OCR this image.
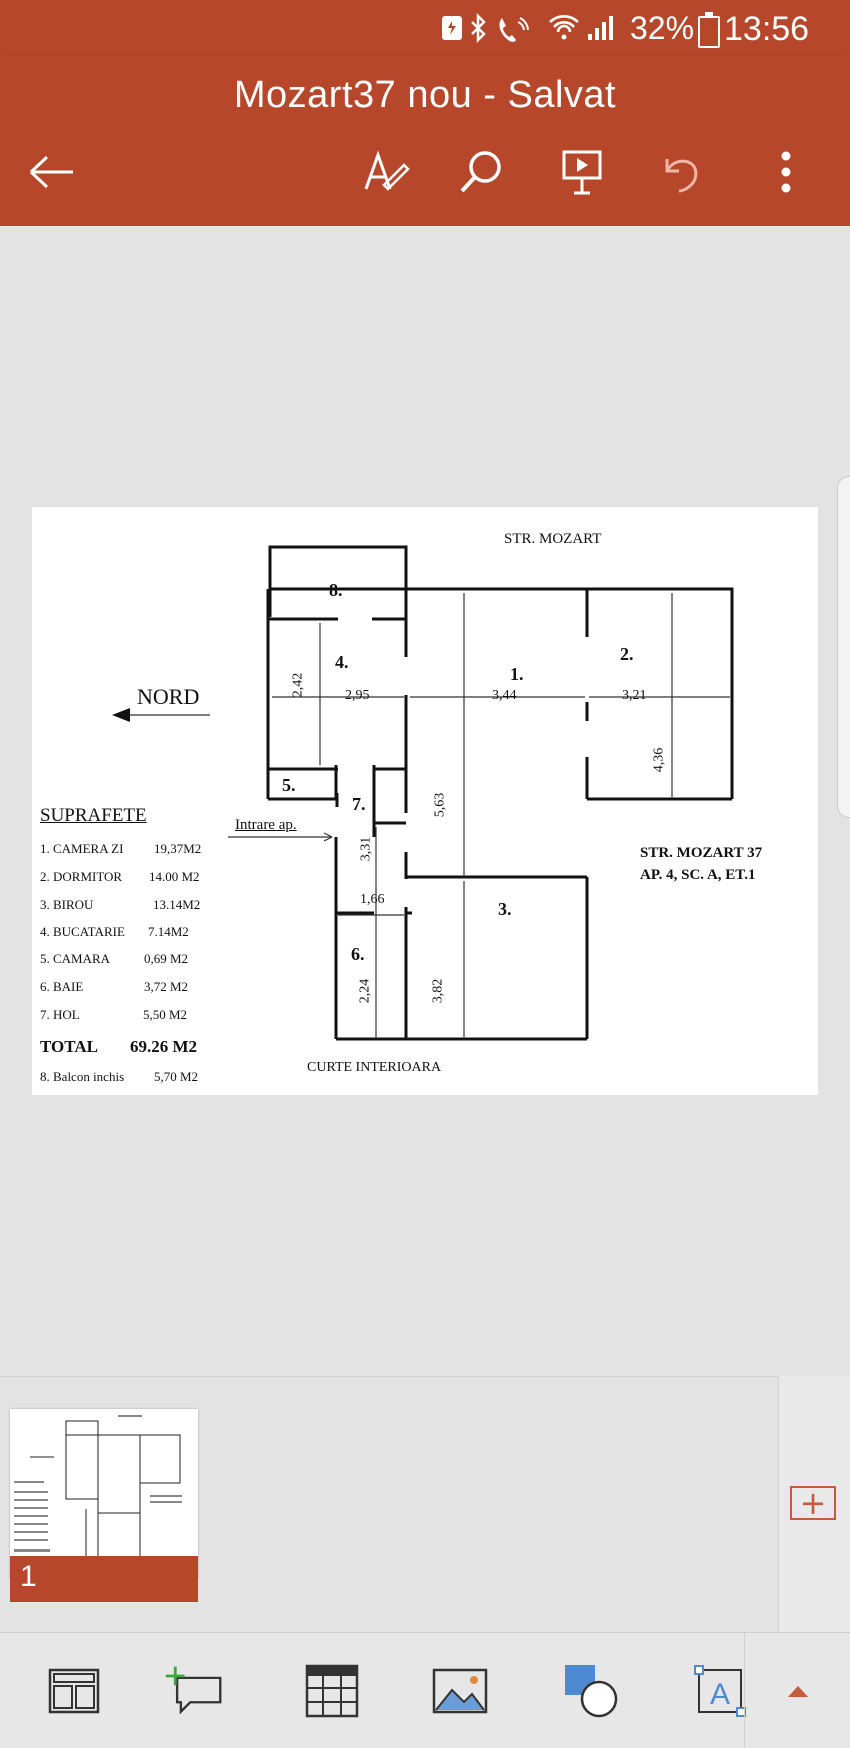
32% 13:56
Mozart37 nou - Salvat
STR. MOZART
NORD
Intrare ap.
CURTE INTERIOARA
STR. MOZART 37
AP. 4, SC. A, ET.1
8.
4.
1.
2.
5.
7.
3.
6.
2,42	2,95	3,44	3,21
4,36
5,63
3,31
1,66
2,24	3,82
SUPRAFETE
1. CAMERA ZI 19,37M2
2. DORMITOR 14.00 M2
3. BIROU	13.14M2
4. BUCATARIE 7.14M2
5. CAMARA	0,69 M2
6. BAIE	3,72 M2
7. HOL	5,50 M2
TOTAL 69.26 M2
8. Balcon inchis 5,70 M2
1
+
A
